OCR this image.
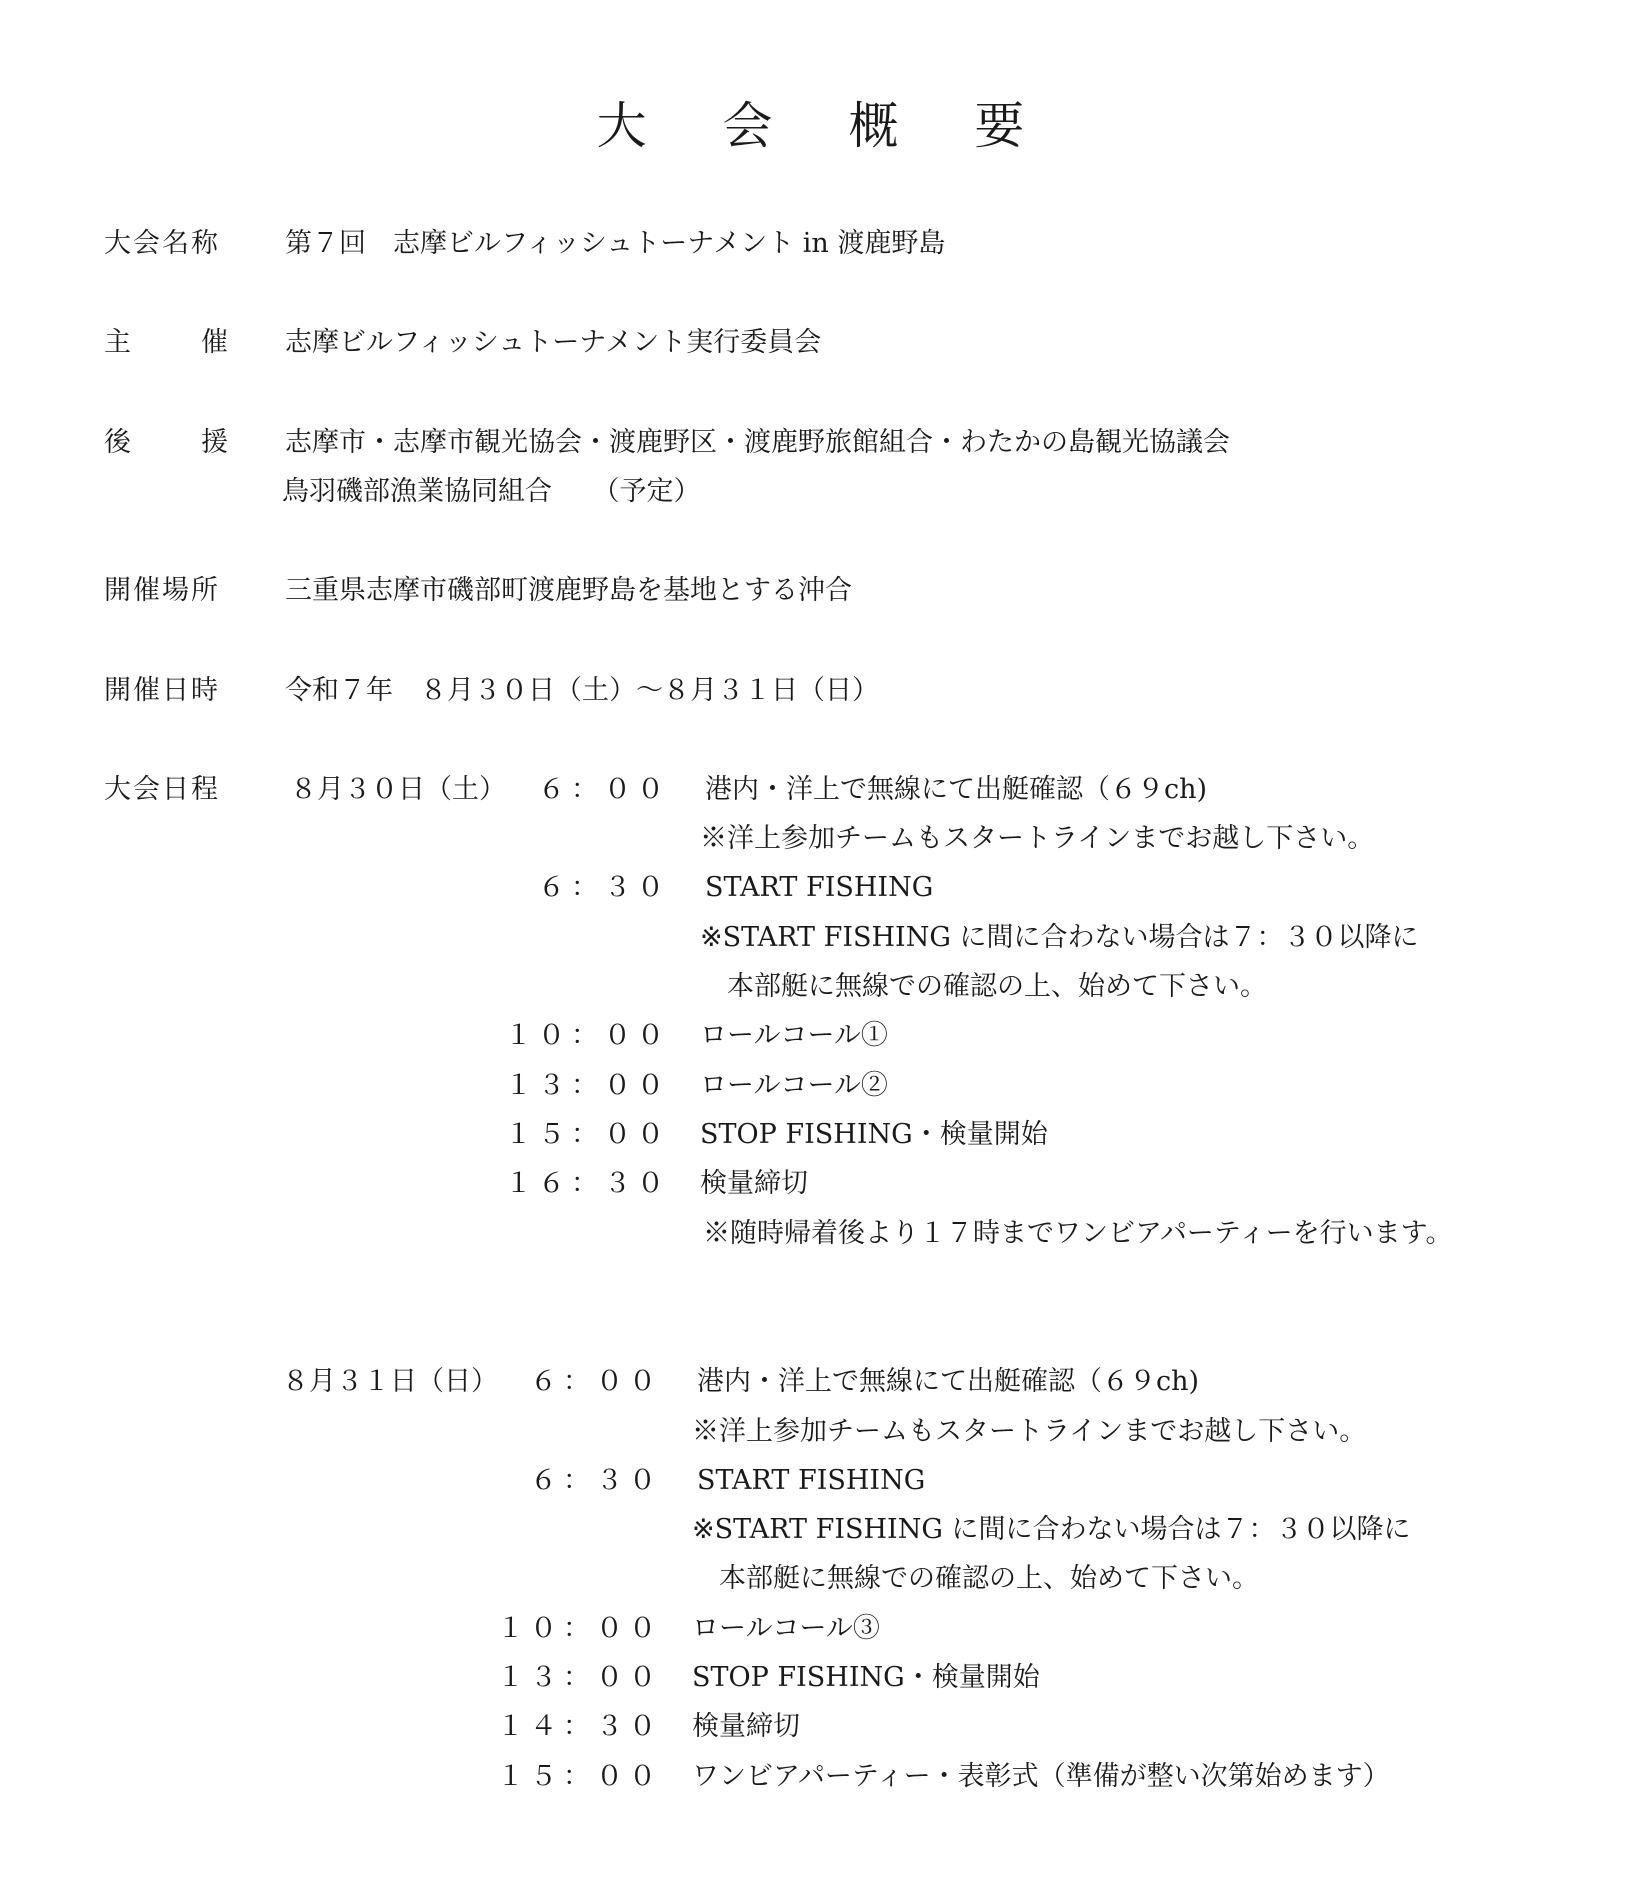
大 会 概 要
大会名称 第７回　志摩ビルフィッシュトーナメント in 渡鹿野島
主	催 志摩ビルフィッシュトーナメント実行委員会
後	援 志摩市・志摩市観光協会・渡鹿野区・渡鹿野旅館組合・わたかの島観光協議会
鳥羽磯部漁業協同組合　　（予定）
開催場所 三重県志摩市磯部町渡鹿野島を基地とする沖合
開催日時 令和７年　８月３０日（土）～８月３１日（日）
大会日程	８月３０日（土）	６：００ 港内・洋上で無線にて出艇確認（６９ch)
※洋上参加チームもスタートラインまでお越し下さい。
６：３０ START FISHING
※START FISHING に間に合わない場合は７：３０以降に
　本部艇に無線での確認の上、始めて下さい。
１０：００ ロールコール①
１３：００ ロールコール②
１５：００ STOP FISHING・検量開始
１６：３０ 検量締切
※随時帰着後より１７時までワンビアパーティーを行います。
８月３１日（日）	６：００ 港内・洋上で無線にて出艇確認（６９ch)
※洋上参加チームもスタートラインまでお越し下さい。
６：３０ START FISHING
※START FISHING に間に合わない場合は７：３０以降に
　本部艇に無線での確認の上、始めて下さい。
１０：００ ロールコール③
１３：００ STOP FISHING・検量開始
１４：３０ 検量締切
１５：００ ワンビアパーティー・表彰式（準備が整い次第始めます）
